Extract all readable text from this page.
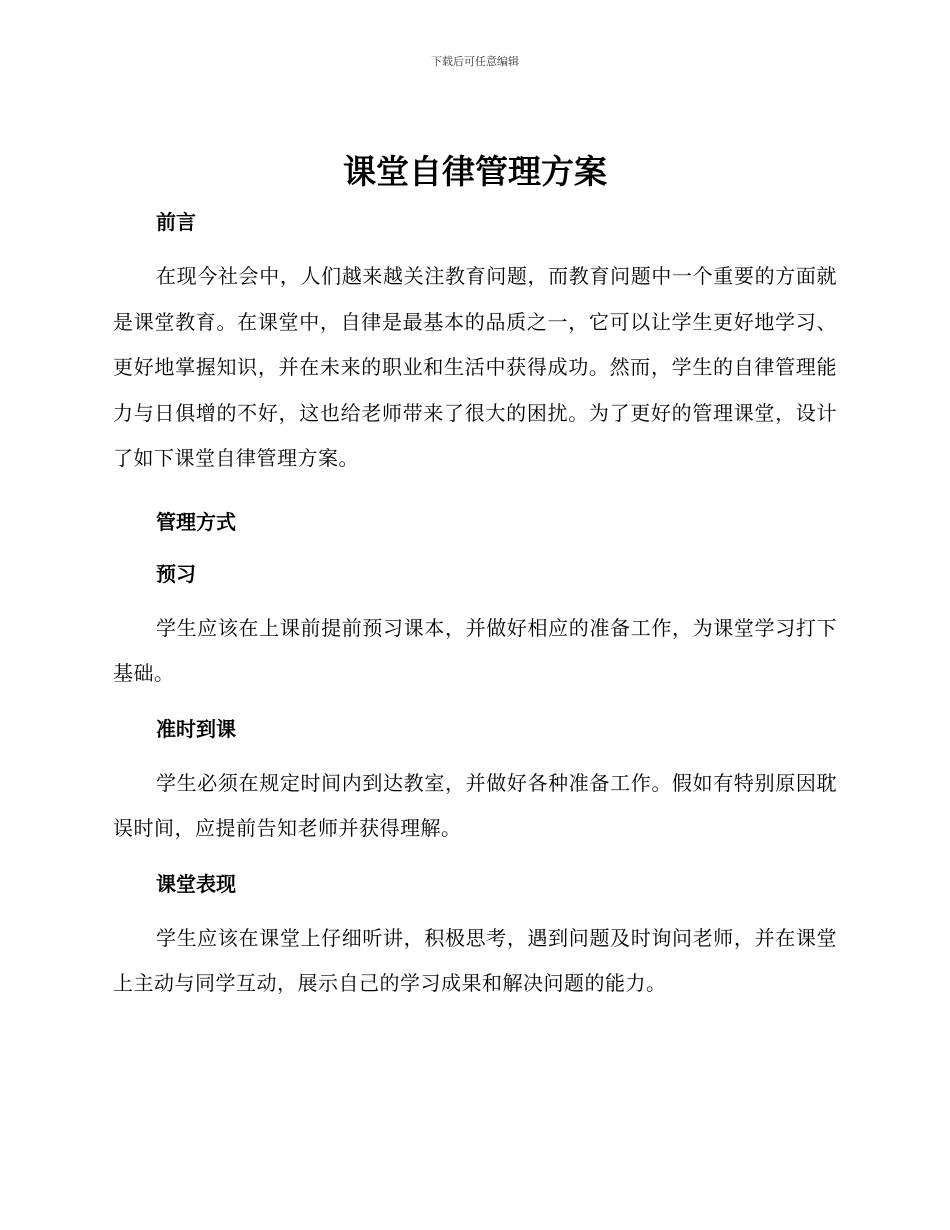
下载后可任意编辑
课堂自律管理方案
前言

在现今社会中，人们越来越关注教育问题，而教育问题中一个重要的方面就是课堂教育。在课堂中，自律是最基本的品质之一，它可以让学生更好地学习、更好地掌握知识，并在未来的职业和生活中获得成功。然而，学生的自律管理能力与日俱增的不好，这也给老师带来了很大的困扰。为了更好的管理课堂，设计了如下课堂自律管理方案。

管理方式
预习

学生应该在上课前提前预习课本，并做好相应的准备工作，为课堂学习打下基础。

准时到课

学生必须在规定时间内到达教室，并做好各种准备工作。假如有特别原因耽误时间，应提前告知老师并获得理解。

课堂表现

学生应该在课堂上仔细听讲，积极思考，遇到问题及时询问老师，并在课堂上主动与同学互动，展示自己的学习成果和解决问题的能力。
